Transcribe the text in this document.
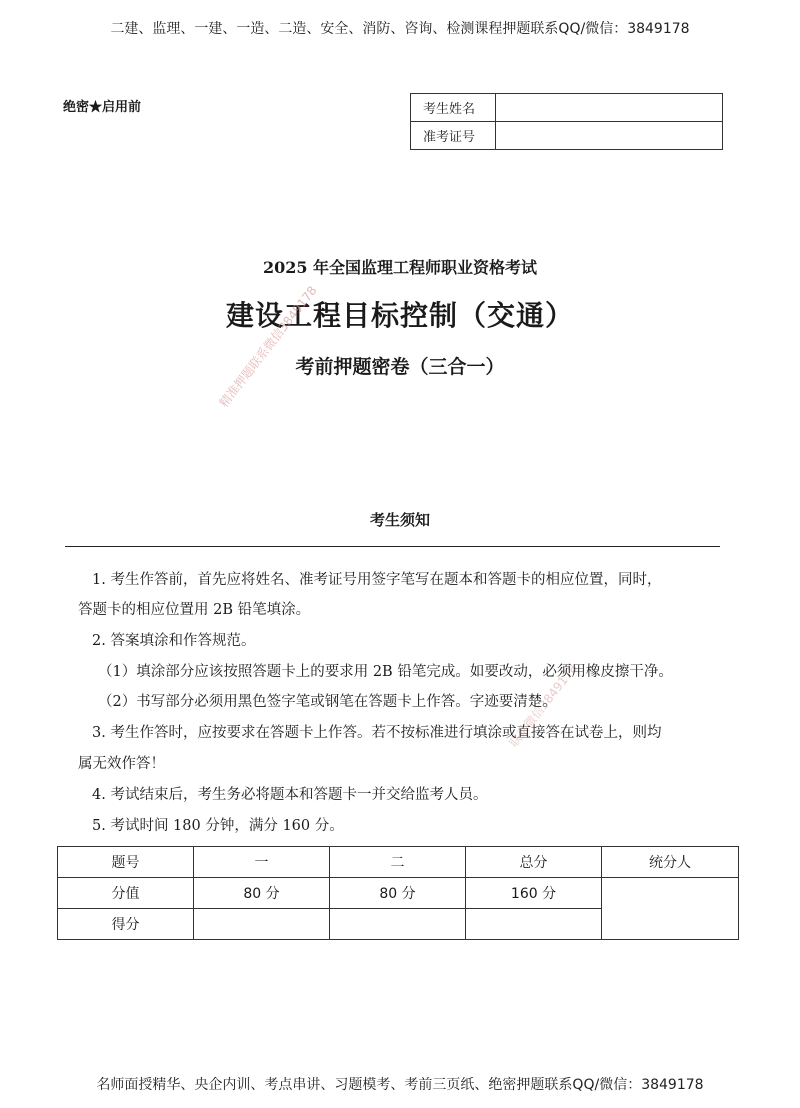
二建、监理、一建、一造、二造、安全、消防、咨询、检测课程押题联系QQ/微信：3849178
绝密★启用前	考生姓名	
准考证号	
2025 年全国监理工程师职业资格考试
建设工程目标控制（交通）
考前押题密卷（三合一）
精准押题联系微信3849178
联系微信3849178
考生须知
1. 考生作答前，首先应将姓名、准考证号用签字笔写在题本和答题卡的相应位置，同时，
答题卡的相应位置用 2B 铅笔填涂。
2. 答案填涂和作答规范。
（1）填涂部分应该按照答题卡上的要求用 2B 铅笔完成。如要改动，必须用橡皮擦干净。
（2）书写部分必须用黑色签字笔或钢笔在答题卡上作答。字迹要清楚。
3. 考生作答时，应按要求在答题卡上作答。若不按标准进行填涂或直接答在试卷上，则均
属无效作答！
4. 考试结束后，考生务必将题本和答题卡一并交给监考人员。
5. 考试时间 180 分钟，满分 160 分。
题号	一	二	总分	统分人
分值	80 分	80 分	160 分	
得分				
名师面授精华、央企内训、考点串讲、习题模考、考前三页纸、绝密押题联系QQ/微信：3849178
